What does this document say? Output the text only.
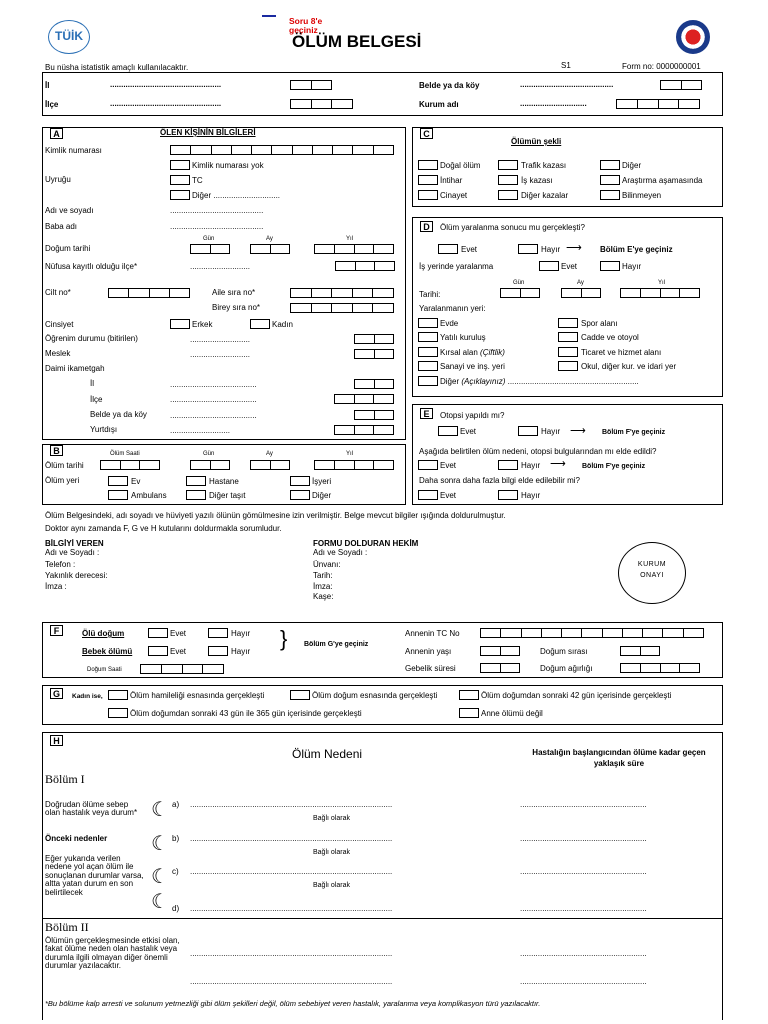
TÜİK
Soru 8'e geçiniz
ÖLÜM BELGESİ
Bu nüsha istatistik amaçlı kullanılacaktır.	S1	Form no: 0000000001
İl	..................................................
İlçe	..................................................
Belde ya da köy	..........................................
Kurum adı	..............................
A	ÖLEN KİŞİNİN BİLGİLERİ
Kimlik numarası
Kimlik numarası yok
Uyruğu	TC
Diğer ..............................
Adı ve soyadı	..........................................
Baba adı	..........................................
Gün	Ay	Yıl
Doğum tarihi
Nüfusa kayıtlı olduğu ilçe*	...........................
Cilt no*	Aile sıra no*
Birey sıra no*
Cinsiyet	Erkek	Kadın
Öğrenim durumu (bitirilen)	...........................
Meslek	...........................
Daimi ikametgah
İl	.......................................
İlçe	.......................................
Belde ya da köy	.......................................
Yurtdışı	...........................
B	Ölüm Saati	Gün	Ay	Yıl
Ölüm tarihi
Ölüm yeri	Ev	Hastane	İşyeri
Ambulans	Diğer taşıt	Diğer
C
Ölümün şekli
Doğal ölüm	Trafik kazası	Diğer
İntihar	İş kazası	Araştırma aşamasında
Cinayet	Diğer kazalar	Bilinmeyen
D	Ölüm yaralanma sonucu mu gerçekleşti?
Evet	Hayır ⟶ Bölüm E'ye geçiniz
İş yerinde yaralanma	Evet	Hayır
Gün	Ay	Yıl
Tarihi:
Yaralanmanın yeri:
Evde	Spor alanı
Yatılı kuruluş	Cadde ve otoyol
Kırsal alan (Çiftlik)	Ticaret ve hizmet alanı
Sanayi ve inş. yeri	Okul, diğer kur. ve idari yer
Diğer (Açıklayınız) ...........................................................
E	Otopsi yapıldı mı?
Evet	Hayır ⟶ Bölüm F'ye geçiniz
Aşağıda belirtilen ölüm nedeni, otopsi bulgularından mı elde edildi?
Evet	Hayır ⟶ Bölüm F'ye geçiniz
Daha sonra daha fazla bilgi elde edilebilir mi?
Evet	Hayır
Ölüm Belgesindeki, adı soyadı ve hüviyeti yazılı ölünün gömülmesine izin verilmiştir. Belge mevcut bilgiler ışığında doldurulmuştur.
Doktor aynı zamanda F, G ve H kutularını doldurmakla sorumludur.
BİLGİYİ VEREN
Adı ve Soyadı :
Telefon :
Yakınlık derecesi:
İmza :
FORMU DOLDURAN HEKİM
Adı ve Soyadı :
Ünvanı:
Tarih:
İmza:
Kaşe:
KURUM
ONAYI
F	Ölü doğum	Evet	Hayır } Bölüm G'ye geçiniz
Bebek ölümü	Evet	Hayır
Doğum Saati
Annenin TC No
Annenin yaşı	Doğum sırası
Gebelik süresi	Doğum ağırlığı
G	Kadın ise,	Ölüm hamileliği esnasında gerçekleşti	Ölüm doğum esnasında gerçekleşti	Ölüm doğumdan sonraki 42 gün içerisinde gerçekleşti
Ölüm doğumdan sonraki 43 gün ile 365 gün içerisinde gerçekleşti	Anne ölümü değil
H
Ölüm Nedeni	Hastalığın başlangıcından ölüme kadar geçen yaklaşık süre
Bölüm I
Doğrudan ölüme sebep olan hastalık veya durum*
Önceki nedenler
Eğer yukarıda verilen nedene yol açan ölüm ile sonuçlanan durumlar varsa, altta yatan durum en son belirtilecek
☾
☾
☾
☾
a) ...........................................................................................	.........................................................
Bağlı olarak
b) ...........................................................................................	.........................................................
Bağlı olarak
c) ...........................................................................................	.........................................................
Bağlı olarak
d) ...........................................................................................	.........................................................
Bölüm II
Ölümün gerçekleşmesinde etkisi olan, fakat ölüme neden olan hastalık veya durumla ilgili olmayan diğer önemli durumlar yazılacaktır.
...........................................................................................	.........................................................
...........................................................................................	.........................................................
*Bu bölüme kalp arresti ve solunum yetmezliği gibi ölüm şekilleri değil, ölüm sebebiyet veren hastalık, yaralanma veya komplikasyon türü yazılacaktır.
